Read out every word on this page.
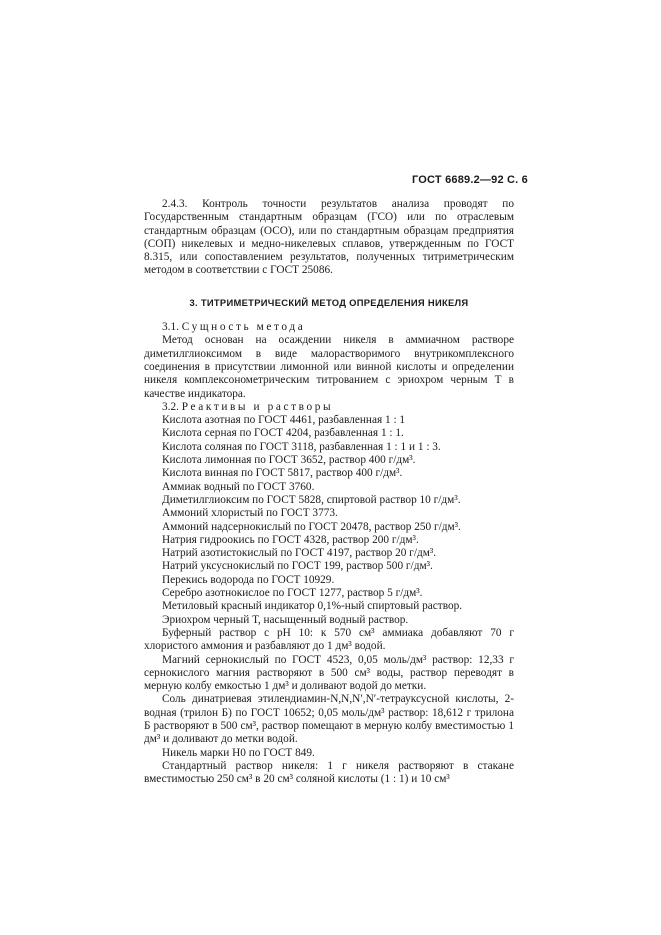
ГОСТ 6689.2—92 С. 6

2.4.3. Контроль точности результатов анализа проводят по Государственным стандартным образцам (ГСО) или по отраслевым стандартным образцам (ОСО), или по стандартным образцам предприятия (СОП) никелевых и медно-никелевых сплавов, утвержденным по ГОСТ 8.315, или сопоставлением результатов, полученных титриметрическим методом в соответствии с ГОСТ 25086.

3. ТИТРИМЕТРИЧЕСКИЙ МЕТОД ОПРЕДЕЛЕНИЯ НИКЕЛЯ

3.1. Сущность метода

Метод основан на осаждении никеля в аммиачном растворе диметилглиоксимом в виде малорастворимого внутрикомплексного соединения в присутствии лимонной или винной кислоты и определении никеля комплексонометрическим титрованием с эриохром черным Т в качестве индикатора.

3.2. Реактивы и растворы

Кислота азотная по ГОСТ 4461, разбавленная 1 : 1

Кислота серная по ГОСТ 4204, разбавленная 1 : 1.

Кислота соляная по ГОСТ 3118, разбавленная 1 : 1 и 1 : 3.

Кислота лимонная по ГОСТ 3652, раствор 400 г/дм³.

Кислота винная по ГОСТ 5817, раствор 400 г/дм³.

Аммиак водный по ГОСТ 3760.

Диметилглиоксим по ГОСТ 5828, спиртовой раствор 10 г/дм³.

Аммоний хлористый по ГОСТ 3773.

Аммоний надсернокислый по ГОСТ 20478, раствор 250 г/дм³.

Натрия гидроокись по ГОСТ 4328, раствор 200 г/дм³.

Натрий азотистокислый по ГОСТ 4197, раствор 20 г/дм³.

Натрий уксуснокислый по ГОСТ 199, раствор 500 г/дм³.

Перекись водорода по ГОСТ 10929.

Серебро азотнокислое по ГОСТ 1277, раствор 5 г/дм³.

Метиловый красный индикатор 0,1%-ный спиртовый раствор.

Эриохром черный Т, насыщенный водный раствор.

Буферный раствор с рН 10: к 570 см³ аммиака добавляют 70 г хлористого аммония и разбавляют до 1 дм³ водой.

Магний сернокислый по ГОСТ 4523, 0,05 моль/дм³ раствор: 12,33 г сернокислого магния растворяют в 500 см³ воды, раствор переводят в мерную колбу емкостью 1 дм³ и доливают водой до метки.

Соль динатриевая этилендиамин-N,N,N′,N′-тетрауксусной кислоты, 2-водная (трилон Б) по ГОСТ 10652; 0,05 моль/дм³ раствор: 18,612 г трилона Б растворяют в 500 см³, раствор помещают в мерную колбу вместимостью 1 дм³ и доливают до метки водой.

Никель марки Н0 по ГОСТ 849.

Стандартный раствор никеля: 1 г никеля растворяют в стакане вместимостью 250 см³ в 20 см³ соляной кислоты (1 : 1) и 10 см³
